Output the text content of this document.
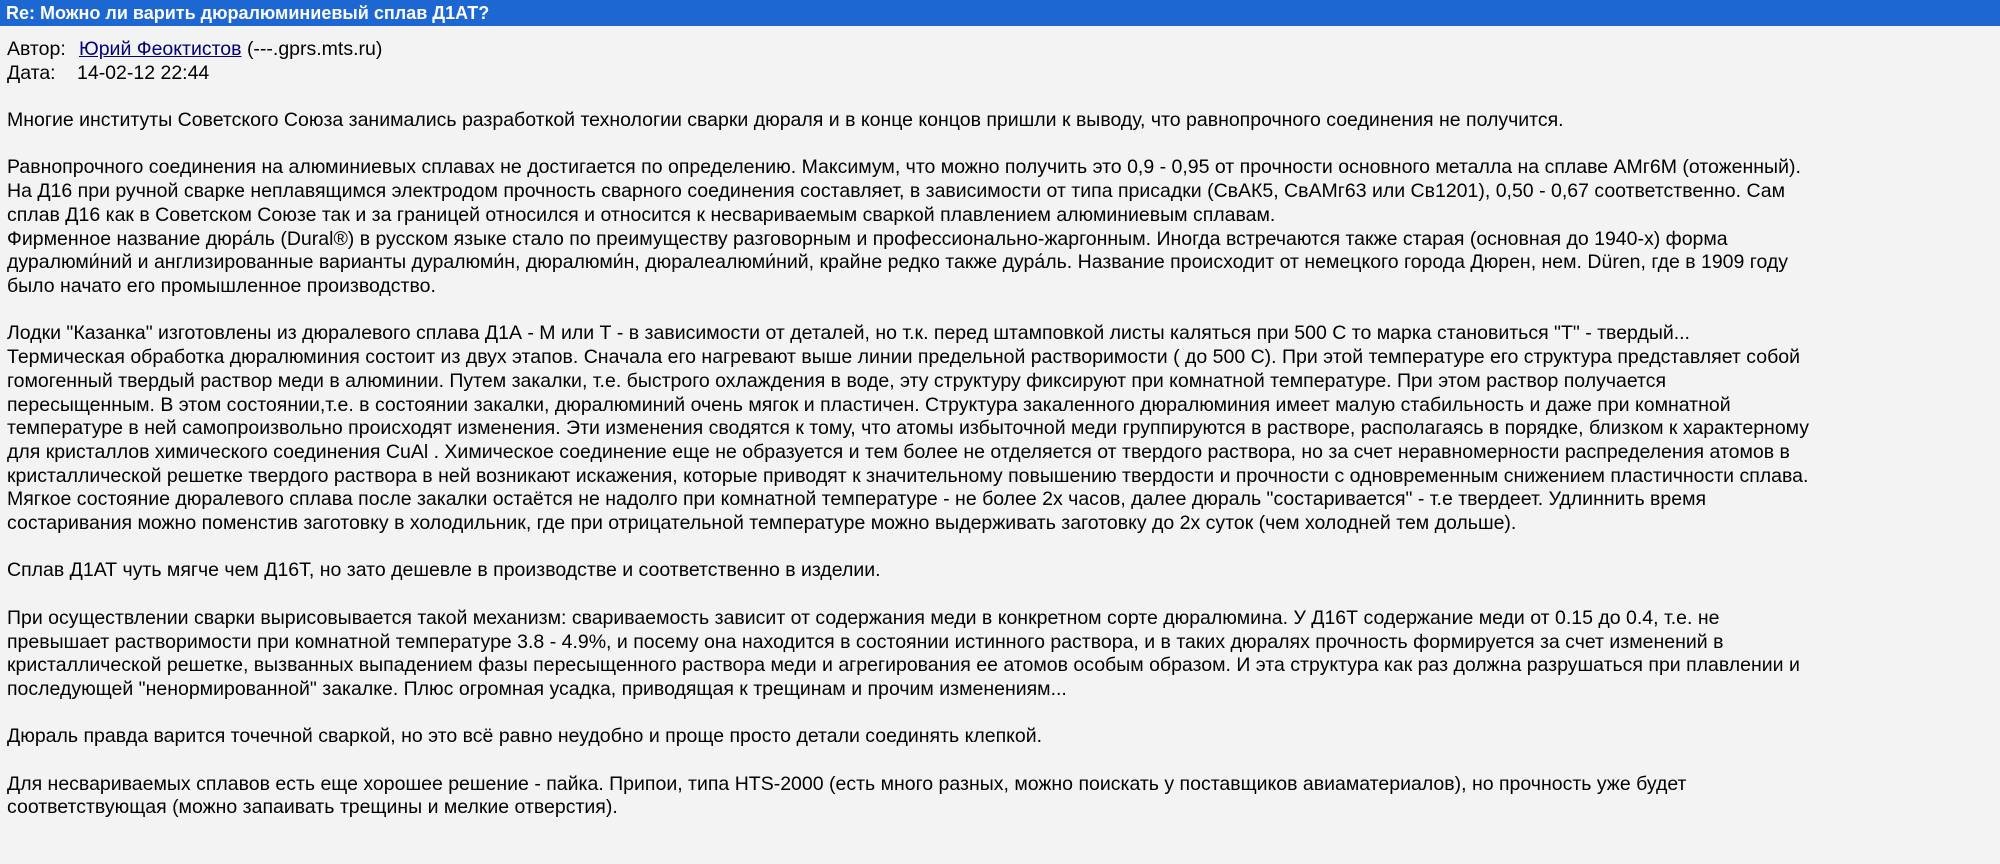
Re: Можно ли варить дюралюминиевый сплав Д1АТ?
Автор: Юрий Феоктистов
(---.gprs.mts.ru)
Дата:	14-02-12 22:44

Многие институты Советского Союза занимались разработкой технологии сварки дюраля и в конце концов пришли к выводу, что равнопрочного соединения не получится.

Равнопрочного соединения на алюминиевых сплавах не достигается по определению. Максимум, что можно получить это 0,9 - 0,95 от прочности основного металла на сплаве АМг6М (отоженный).
На Д16 при ручной сварке неплавящимся электродом прочность сварного соединения составляет, в зависимости от типа присадки (СвАК5, СвАМг63 или Св1201), 0,50 - 0,67 соответственно. Сам
сплав Д16 как в Советском Союзе так и за границей относился и относится к несвариваемым сваркой плавлением алюминиевым сплавам.
Фирменное название дюра́ль (Dural®) в русском языке стало по преимуществу разговорным и профессионально-жаргонным. Иногда встречаются также старая (основная до 1940-х) форма
дуралюми́ний и англизированные варианты дуралюми́н, дюралюми́н, дюралеалюми́ний, крайне редко также дура́ль. Название происходит от немецкого города Дюрен, нем. Düren, где в 1909 году
было начато его промышленное производство.

Лодки "Казанка" изготовлены из дюралевого сплава Д1А - М или Т - в зависимости от деталей, но т.к. перед штамповкой листы каляться при 500 С то марка становиться "Т" - твердый...
Термическая обработка дюралюминия состоит из двух этапов. Сначала его нагревают выше линии предельной растворимости ( до 500 С). При этой температуре его структура представляет собой
гомогенный твердый раствор меди в алюминии. Путем закалки, т.е. быстрого охлаждения в воде, эту структуру фиксируют при комнатной температуре. При этом раствор получается
пересыщенным. В этом состоянии,т.е. в состоянии закалки, дюралюминий очень мягок и пластичен. Структура закаленного дюралюминия имеет малую стабильность и даже при комнатной
температуре в ней самопроизвольно происходят изменения. Эти изменения сводятся к тому, что атомы избыточной меди группируются в растворе, располагаясь в порядке, близком к характерному
для кристаллов химического соединения CuAl . Химическое соединение еще не образуется и тем более не отделяется от твердого раствора, но за счет неравномерности распределения атомов в
кристаллической решетке твердого раствора в ней возникают искажения, которые приводят к значительному повышению твердости и прочности с одновременным снижением пластичности сплава.
Мягкое состояние дюралевого сплава после закалки остаётся не надолго при комнатной температуре - не более 2х часов, далее дюраль "состаривается" - т.е твердеет. Удлиннить время
состаривания можно поменстив заготовку в холодильник, где при отрицательной температуре можно выдерживать заготовку до 2х суток (чем холодней тем дольше).

Сплав Д1АТ чуть мягче чем Д16Т, но зато дешевле в производстве и соответственно в изделии.

При осуществлении сварки вырисовывается такой механизм: свариваемость зависит от содержания меди в конкретном сорте дюралюмина. У Д16Т содержание меди от 0.15 до 0.4, т.е. не
превышает растворимости при комнатной температуре 3.8 - 4.9%, и посему она находится в состоянии истинного раствора, и в таких дюралях прочность формируется за счет изменений в
кристаллической решетке, вызванных выпадением фазы пересыщенного раствора меди и агрегирования ее атомов особым образом. И эта структура как раз должна разрушаться при плавлении и
последующей "ненормированной" закалке. Плюс огромная усадка, приводящая к трещинам и прочим изменениям...

Дюраль правда варится точечной сваркой, но это всё равно неудобно и проще просто детали соединять клепкой.

Для несвариваемых сплавов есть еще хорошее решение - пайка. Припои, типа HTS-2000 (есть много разных, можно поискать у поставщиков авиаматериалов), но прочность уже будет
соответствующая (можно запаивать трещины и мелкие отверстия).
